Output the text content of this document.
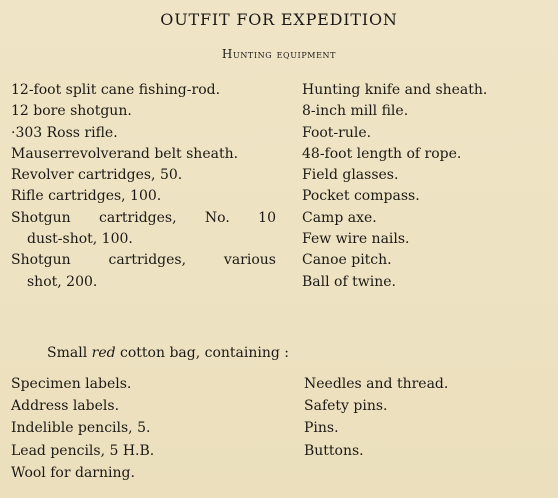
OUTFIT FOR EXPEDITION
Hunting equipment
12-foot split cane fishing-rod.
12 bore shotgun.
·303 Ross rifle.
Mauserrevolverand belt sheath.
Revolver cartridges, 50.
Rifle cartridges, 100.
Shotgun cartridges, No. 10
dust-shot, 100.
Shotgun	cartridges,	various
shot, 200.
Hunting knife and sheath.
8-inch mill file.
Foot-rule.
48-foot length of rope.
Field glasses.
Pocket compass.
Camp axe.
Few wire nails.
Canoe pitch.
Ball of twine.
Small red cotton bag, containing :
Specimen labels.
Address labels.
Indelible pencils, 5.
Lead pencils, 5 H.B.
Wool for darning.
Needles and thread.
Safety pins.
Pins.
Buttons.
